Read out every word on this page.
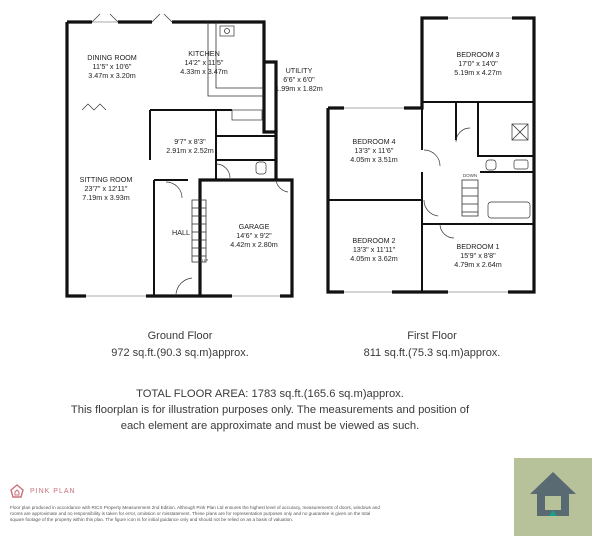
DINING ROOM
11'5" x 10'6"
3.47m x 3.20m
KITCHEN
14'2" x 11'5"
4.33m x 3.47m	UTILITY
6'6" x 6'0"
1.99m x 1.82m
9'7" x 8'3"
2.91m x 2.52m
SITTING ROOM
23'7" x 12'11"
7.19m x 3.93m
HALL
UP
GARAGE
14'6" x 9'2"
4.42m x 2.80m
BEDROOM 3
17'0" x 14'0"
5.19m x 4.27m
BEDROOM 4
13'3" x 11'6"
4.05m x 3.51m
BEDROOM 2
13'3" x 11'11"
4.05m x 3.62m
BEDROOM 1
15'9" x 8'8"
4.79m x 2.64m
DOWN
Ground Floor
972 sq.ft.(90.3 sq.m)approx.
First Floor
811 sq.ft.(75.3 sq.m)approx.
TOTAL FLOOR AREA: 1783 sq.ft.(165.6 sq.m)approx.
This floorplan is for illustration purposes only. The measurements and position of each element are approximate and must be viewed as such.
PINK PLAN
Floor plan produced in accordance with RICS Property Measurement 2nd Edition. Although Pink Plan Ltd ensures the highest level of accuracy, measurements of doors, windows and rooms are approximate and no responsibility is taken for error, omission or misstatement. These plans are for representation purposes only and no guarantee is given on the total square footage of the property within this plan. The figure icon is for initial guidance only and should not be relied on as a basis of valuation.
